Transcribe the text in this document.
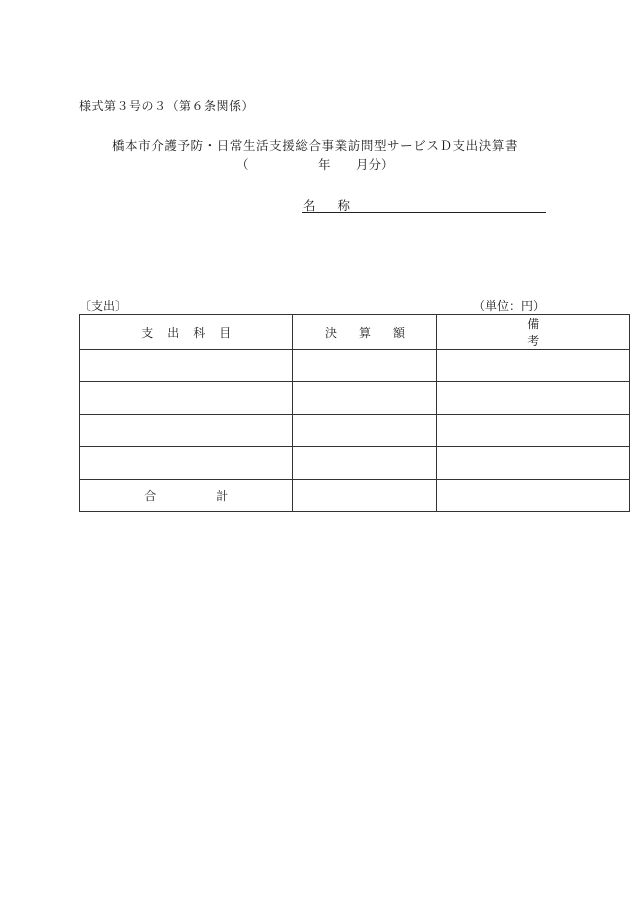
様式第３号の３（第６条関係）
橋本市介護予防・日常生活支援総合事業訪問型サービスＤ支出決算書
（	年 月分）
名称
〔支出〕	（単位：円）
支出科目	決算額	備考

合計		
